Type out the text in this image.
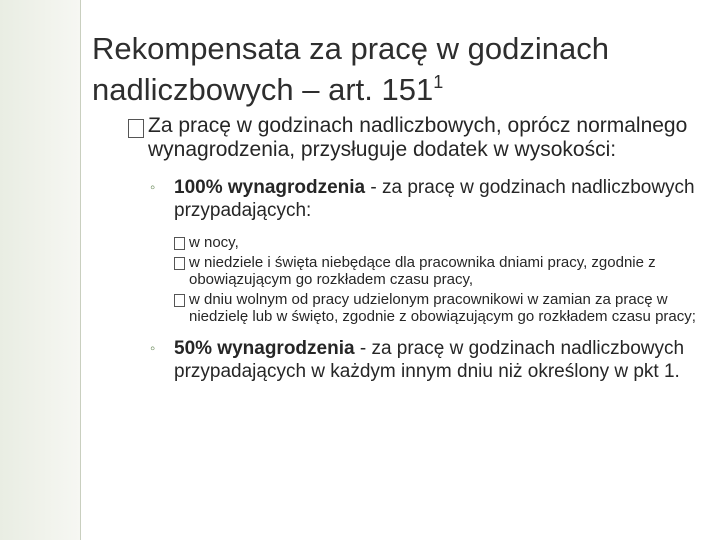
Rekompensata za pracę w godzinach nadliczbowych – art. $151^1$
Za pracę w godzinach nadliczbowych, oprócz normalnego wynagrodzenia, przysługuje dodatek w wysokości:
◦ 100% wynagrodzenia - za pracę w godzinach nadliczbowych przypadających:
w nocy,
w niedziele i święta niebędące dla pracownika dniami pracy, zgodnie z obowiązującym go rozkładem czasu pracy,
w dniu wolnym od pracy udzielonym pracownikowi w zamian za pracę w niedzielę lub w święto, zgodnie z obowiązującym go rozkładem czasu pracy;
◦ 50% wynagrodzenia - za pracę w godzinach nadliczbowych przypadających w każdym innym dniu niż określony w pkt 1.
